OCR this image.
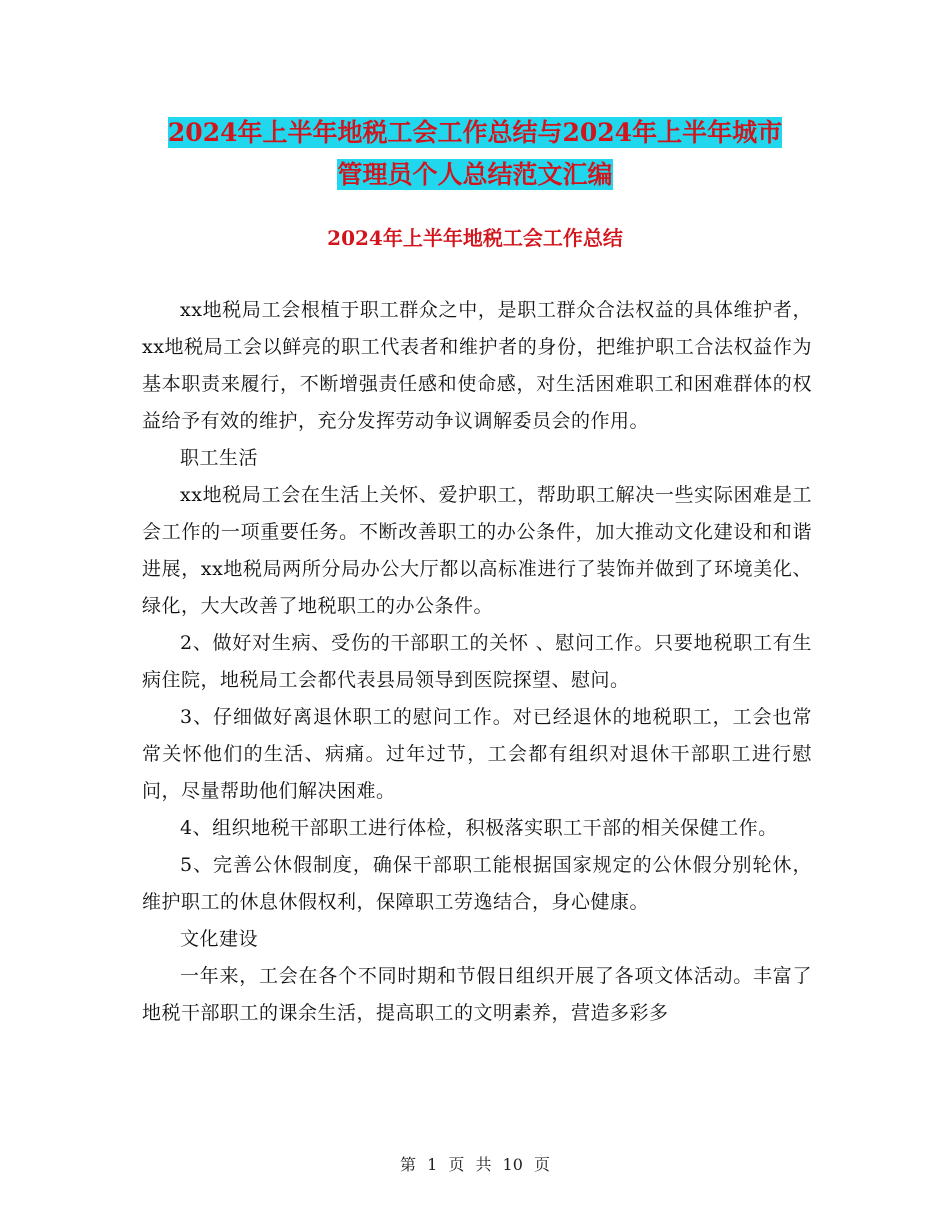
2024年上半年地税工会工作总结与2024年上半年城市
管理员个人总结范文汇编
2024年上半年地税工会工作总结

xx地税局工会根植于职工群众之中，是职工群众合法权益的具体维护者，xx地税局工会以鲜亮的职工代表者和维护者的身份，把维护职工合法权益作为基本职责来履行，不断增强责任感和使命感，对生活困难职工和困难群体的权益给予有效的维护，充分发挥劳动争议调解委员会的作用。

职工生活

xx地税局工会在生活上关怀、爱护职工，帮助职工解决一些实际困难是工会工作的一项重要任务。不断改善职工的办公条件，加大推动文化建设和和谐进展，xx地税局两所分局办公大厅都以高标准进行了装饰并做到了环境美化、绿化，大大改善了地税职工的办公条件。

2、做好对生病、受伤的干部职工的关怀 、慰问工作。只要地税职工有生病住院，地税局工会都代表县局领导到医院探望、慰问。

3、仔细做好离退休职工的慰问工作。对已经退休的地税职工，工会也常常关怀他们的生活、病痛。过年过节，工会都有组织对退休干部职工进行慰问，尽量帮助他们解决困难。

4、组织地税干部职工进行体检，积极落实职工干部的相关保健工作。

5、完善公休假制度，确保干部职工能根据国家规定的公休假分别轮休，维护职工的休息休假权利，保障职工劳逸结合，身心健康。

文化建设

一年来，工会在各个不同时期和节假日组织开展了各项文体活动。丰富了地税干部职工的课余生活，提高职工的文明素养，营造多彩多

第 1 页 共 10 页
